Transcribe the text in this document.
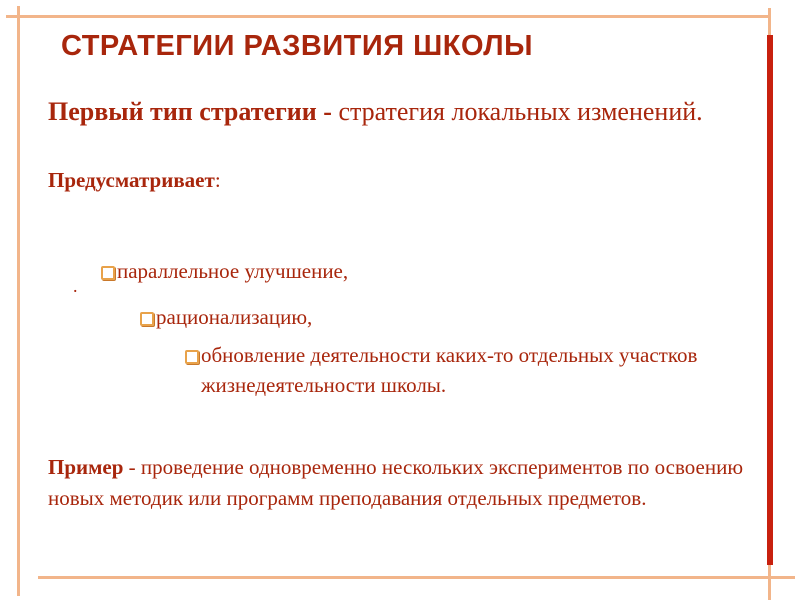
СТРАТЕГИИ РАЗВИТИЯ ШКОЛЫ
Первый тип стратегии - стратегия локальных изменений.
Предусматривает:
.
параллельное улучшение,
рационализацию,
обновление деятельности каких-то отдельных участков жизнедеятельности школы.
Пример - проведение одновременно нескольких экспериментов по освоению новых методик или программ преподавания отдельных предметов.
